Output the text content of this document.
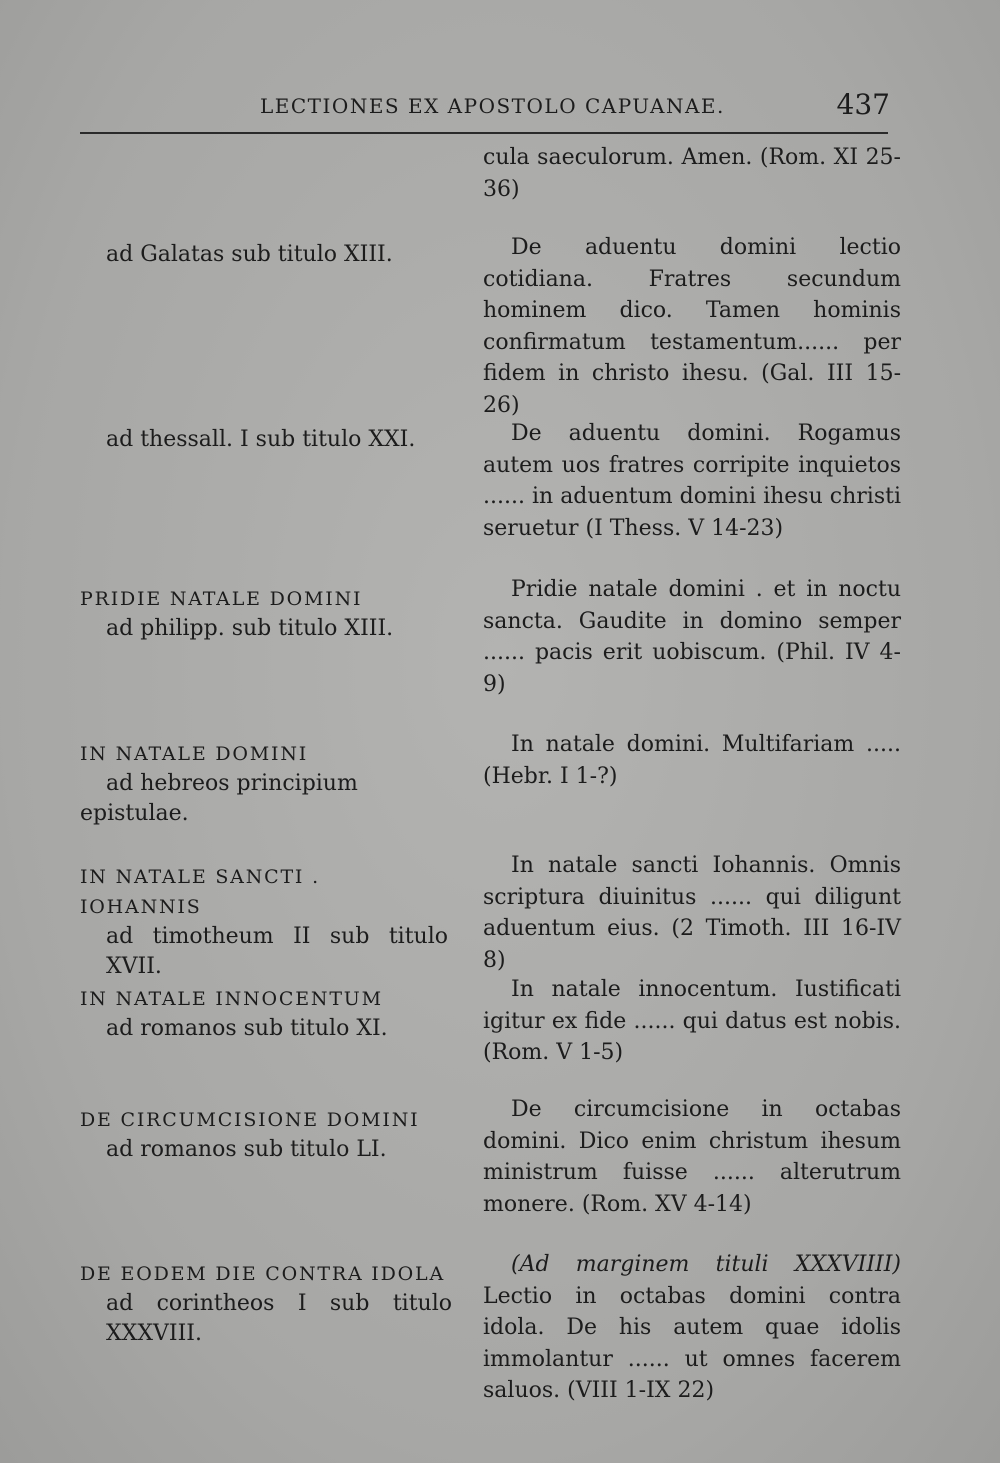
LECTIONES EX APOSTOLO CAPUANAE.	437
ad Galatas sub titulo XIII.
ad thessall. I sub titulo XXI.
PRIDIE NATALE DOMINI
ad philipp. sub titulo XIII.
IN NATALE DOMINI
ad hebreos principium epistulae.
IN NATALE SANCTI . IOHANNIS
ad timotheum II sub titulo XVII.
IN NATALE INNOCENTUM
ad romanos sub titulo XI.
DE CIRCUMCISIONE DOMINI
ad romanos sub titulo LI.
DE EODEM DIE CONTRA IDOLA
ad corintheos I sub titulo XXXVIII.

cula saeculorum. Amen. (Rom. XI 25-36)

De aduentu domini lectio cotidiana. Fratres secundum hominem dico. Tamen hominis confirmatum testamentum...... per fidem in christo ihesu. (Gal. III 15-26)

De aduentu domini. Rogamus autem uos fratres corripite inquietos ...... in aduentum domini ihesu christi seruetur (I Thess. V 14-23)

Pridie natale domini . et in noctu sancta. Gaudite in domino semper ...... pacis erit uobiscum. (Phil. IV 4-9)

In natale domini. Multifariam ..... (Hebr. I 1-?)

In natale sancti Iohannis. Omnis scriptura diuinitus ...... qui diligunt aduentum eius. (2 Timoth. III 16-IV 8)

In natale innocentum. Iustificati igitur ex fide ...... qui datus est nobis. (Rom. V 1-5)

De circumcisione in octabas domini. Dico enim christum ihesum ministrum fuisse ...... alterutrum monere. (Rom. XV 4-14)

(Ad marginem tituli XXXVIIII) Lectio in octabas domini contra idola. De his autem quae idolis immolantur ...... ut omnes facerem saluos. (VIII 1-IX 22)
